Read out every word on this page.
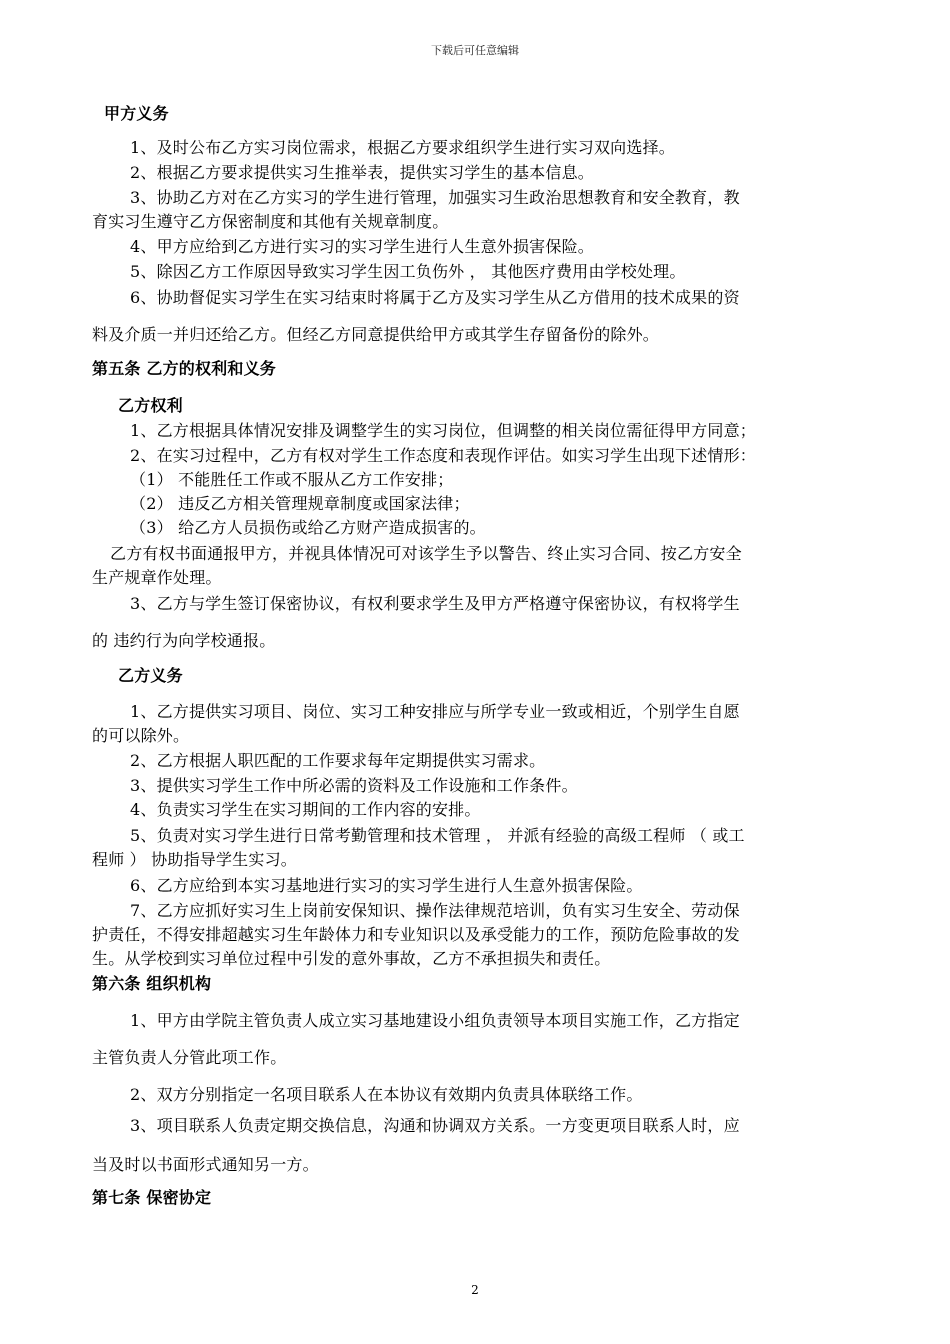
下载后可任意编辑
甲方义务
1、及时公布乙方实习岗位需求，根据乙方要求组织学生进行实习双向选择。
2、根据乙方要求提供实习生推举表，提供实习学生的基本信息。
3、协助乙方对在乙方实习的学生进行管理，加强实习生政治思想教育和安全教育，教
育实习生遵守乙方保密制度和其他有关规章制度。
4、甲方应给到乙方进行实习的实习学生进行人生意外损害保险。
5、除因乙方工作原因导致实习学生因工负伤外 ， 其他医疗费用由学校处理。
6、协助督促实习学生在实习结束时将属于乙方及实习学生从乙方借用的技术成果的资
料及介质一并归还给乙方。但经乙方同意提供给甲方或其学生存留备份的除外。
第五条 乙方的权利和义务
乙方权利
1、乙方根据具体情况安排及调整学生的实习岗位，但调整的相关岗位需征得甲方同意；
2、在实习过程中，乙方有权对学生工作态度和表现作评估。如实习学生出现下述情形：
（1） 不能胜任工作或不服从乙方工作安排；
（2） 违反乙方相关管理规章制度或国家法律；
（3） 给乙方人员损伤或给乙方财产造成损害的。
乙方有权书面通报甲方，并视具体情况可对该学生予以警告、终止实习合同、按乙方安全
生产规章作处理。
3、乙方与学生签订保密协议，有权利要求学生及甲方严格遵守保密协议，有权将学生
的 违约行为向学校通报。
乙方义务
1、乙方提供实习项目、岗位、实习工种安排应与所学专业一致或相近，个别学生自愿
的可以除外。
2、乙方根据人职匹配的工作要求每年定期提供实习需求。
3、提供实习学生工作中所必需的资料及工作设施和工作条件。
4、负责实习学生在实习期间的工作内容的安排。
5、负责对实习学生进行日常考勤管理和技术管理 ， 并派有经验的高级工程师 （ 或工
程师 ） 协助指导学生实习。
6、乙方应给到本实习基地进行实习的实习学生进行人生意外损害保险。
7、乙方应抓好实习生上岗前安保知识、操作法律规范培训，负有实习生安全、劳动保
护责任，不得安排超越实习生年龄体力和专业知识以及承受能力的工作，预防危险事故的发
生。从学校到实习单位过程中引发的意外事故，乙方不承担损失和责任。
第六条 组织机构
1、甲方由学院主管负责人成立实习基地建设小组负责领导本项目实施工作，乙方指定
主管负责人分管此项工作。
2、双方分别指定一名项目联系人在本协议有效期内负责具体联络工作。
3、项目联系人负责定期交换信息，沟通和协调双方关系。一方变更项目联系人时，应
当及时以书面形式通知另一方。
第七条 保密协定
2
